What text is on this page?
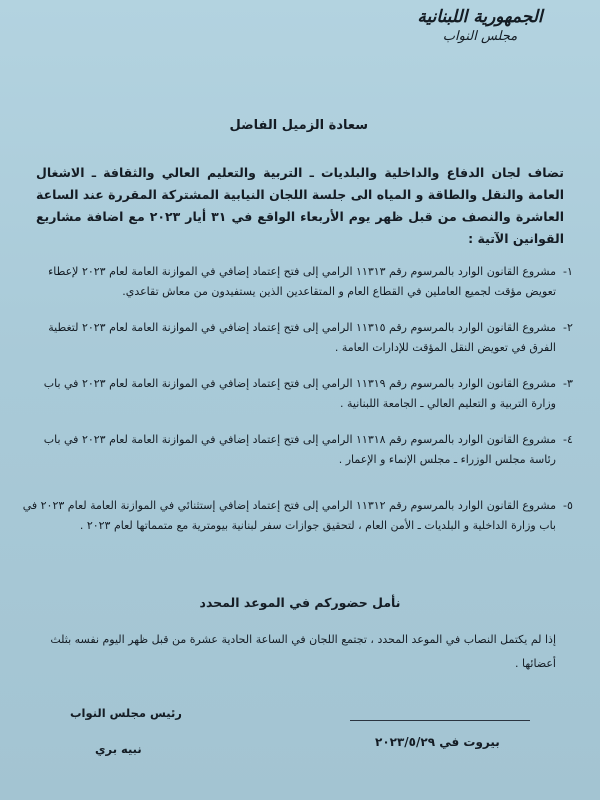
الجمهورية اللبنانية
مجلس النواب
سعادة الزميل الفاضل
تضاف لجان الدفاع والداخلية والبلديات ـ التربية والتعليم العالي والثقافة ـ الاشغال العامة والنقل والطاقة و المياه الى جلسة اللجان النيابية المشتركة المقررة عند الساعة العاشرة والنصف من قبل ظهر يوم الأربعاء الواقع في ٣١ أيار ٢٠٢٣ مع اضافة مشاريع القوانين الآتية :
١-
مشروع القانون الوارد بالمرسوم رقم ١١٣١٣ الرامي إلى فتح إعتماد إضافي في الموازنة العامة لعام ٢٠٢٣ لإعطاء تعويض مؤقت لجميع العاملين في القطاع العام و المتقاعدين الذين يستفيدون من معاش تقاعدي.
٢-
مشروع القانون الوارد بالمرسوم رقم ١١٣١٥ الرامي إلى فتح إعتماد إضافي في الموازنة العامة لعام ٢٠٢٣ لتغطية الفرق في تعويض النقل المؤقت للإدارات العامة .
٣-
مشروع القانون الوارد بالمرسوم رقم ١١٣١٩ الرامي إلى فتح إعتماد إضافي في الموازنة العامة لعام ٢٠٢٣ في باب وزارة التربية و التعليم العالي ـ الجامعة اللبنانية .
٤-
مشروع القانون الوارد بالمرسوم رقم ١١٣١٨ الرامي إلى فتح إعتماد إضافي في الموازنة العامة لعام ٢٠٢٣ في باب رئاسة مجلس الوزراء ـ مجلس الإنماء و الإعمار .
٥-
مشروع القانون الوارد بالمرسوم رقم ١١٣١٢ الرامي إلى فتح إعتماد إضافي إستثنائي في الموازنة العامة لعام ٢٠٢٣ في باب وزارة الداخلية و البلديات ـ الأمن العام ، لتحقيق جوازات سفر لبنانية بيومترية مع متمماتها لعام ٢٠٢٣ .
نأمل حضوركم في الموعد المحدد
إذا لم يكتمل النصاب في الموعد المحدد ، تجتمع اللجان في الساعة الحادية عشرة من قبل ظهر اليوم نفسه بثلث أعضائها .
رئيس مجلس النواب
نبيه بري	بيروت في ٢٠٢٣/٥/٢٩
